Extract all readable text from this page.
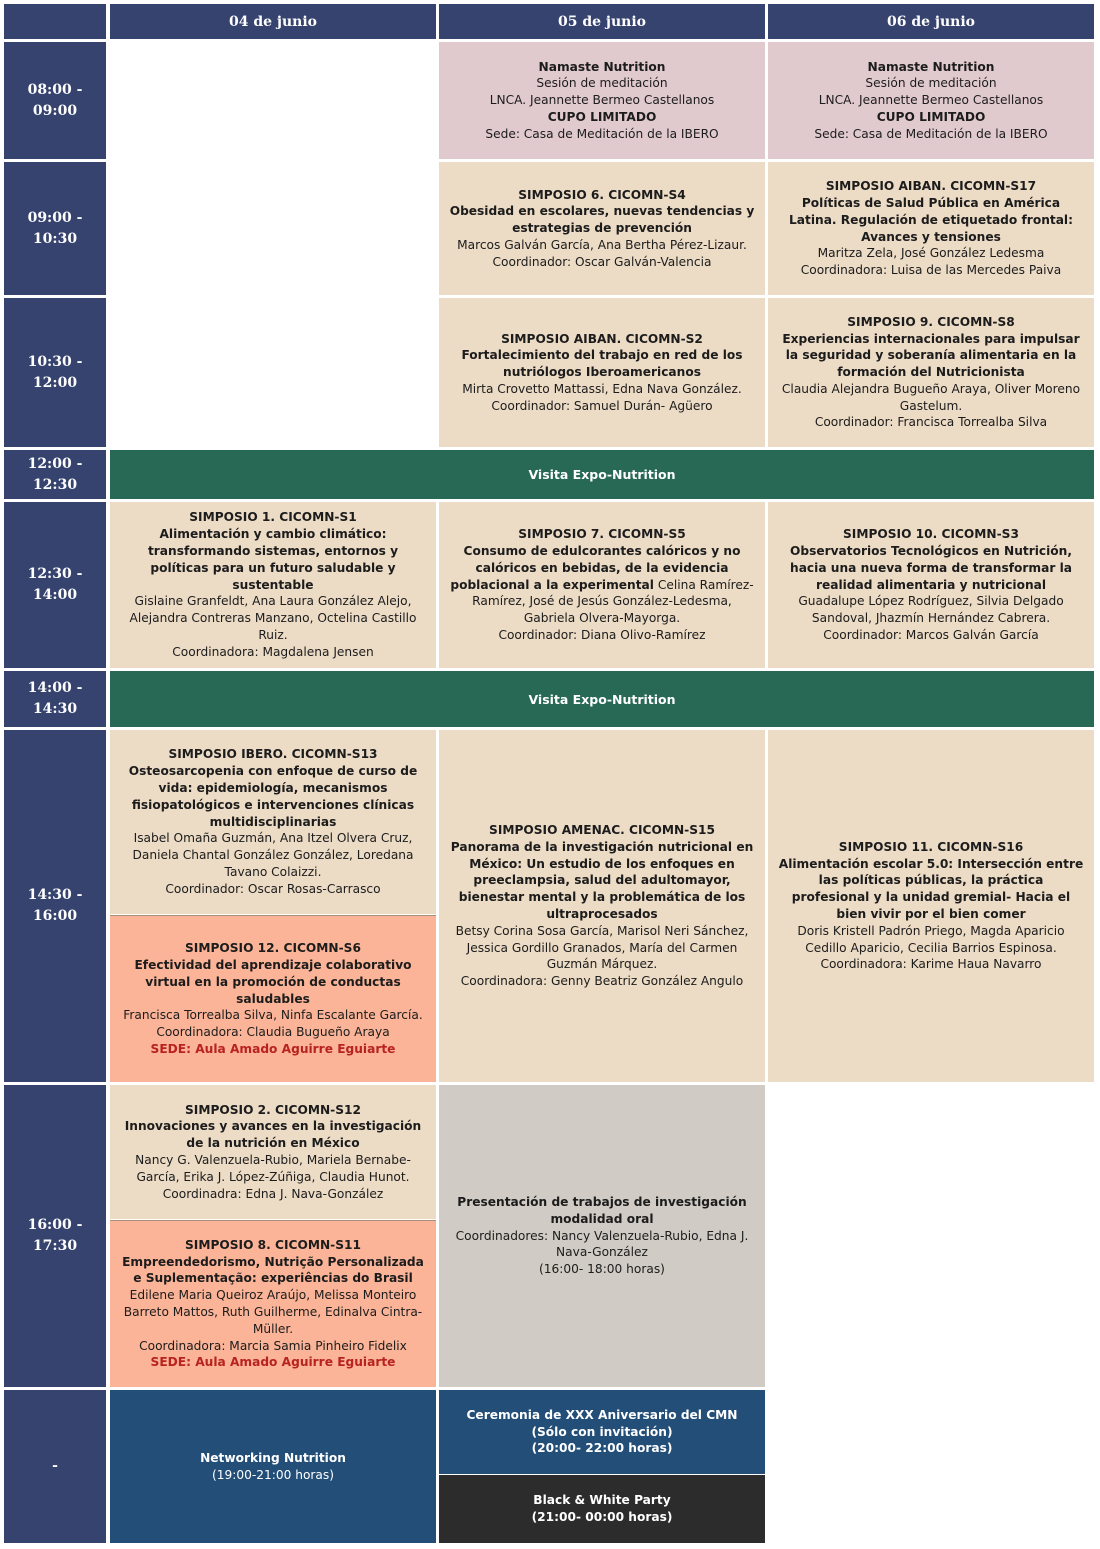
04 de junio	05 de junio	06 de junio
08:00 -
09:00
09:00 -
10:30
10:30 -
12:00
12:00 - 12:30
12:30 - 14:00
14:00 -
14:30
14:30 -
16:00
16:00 - 17:30
-
Namaste Nutrition
Sesión de meditación
LNCA. Jeannette Bermeo Castellanos
CUPO LIMITADO
Sede: Casa de Meditación de la IBERO
Namaste Nutrition
Sesión de meditación
LNCA. Jeannette Bermeo Castellanos
CUPO LIMITADO
Sede: Casa de Meditación de la IBERO
SIMPOSIO 6. CICOMN-S4
Obesidad en escolares, nuevas tendencias y estrategias de prevención
Marcos Galván García, Ana Bertha Pérez-Lizaur.
Coordinador: Oscar Galván-Valencia
SIMPOSIO AIBAN. CICOMN-S17
Políticas de Salud Pública en América Latina. Regulación de etiquetado frontal: Avances y tensiones
Maritza Zela, José González Ledesma
Coordinadora: Luisa de las Mercedes Paiva
SIMPOSIO AIBAN. CICOMN-S2
Fortalecimiento del trabajo en red de los nutriólogos Iberoamericanos
Mirta Crovetto Mattassi, Edna Nava González.
Coordinador: Samuel Durán- Agüero
SIMPOSIO 9. CICOMN-S8
Experiencias internacionales para impulsar la seguridad y soberanía alimentaria en la formación del Nutricionista
Claudia Alejandra Bugueño Araya, Oliver Moreno Gastelum.
Coordinador: Francisca Torrealba Silva
Visita Expo-Nutrition
SIMPOSIO 1. CICOMN-S1
Alimentación y cambio climático: transformando sistemas, entornos y políticas para un futuro saludable y sustentable
Gislaine Granfeldt, Ana Laura González Alejo, Alejandra Contreras Manzano, Octelina Castillo Ruiz.
Coordinadora: Magdalena Jensen
SIMPOSIO 7. CICOMN-S5
Consumo de edulcorantes calóricos y no calóricos en bebidas, de la evidencia poblacional a la experimental Celina Ramírez-Ramírez, José de Jesús González-Ledesma, Gabriela Olvera-Mayorga.
Coordinador: Diana Olivo-Ramírez
SIMPOSIO 10. CICOMN-S3
Observatorios Tecnológicos en Nutrición, hacia una nueva forma de transformar la realidad alimentaria y nutricional
Guadalupe López Rodríguez, Silvia Delgado Sandoval, Jhazmín Hernández Cabrera.
Coordinador: Marcos Galván García
Visita Expo-Nutrition
SIMPOSIO IBERO. CICOMN-S13
Osteosarcopenia con enfoque de curso de vida: epidemiología, mecanismos fisiopatológicos e intervenciones clínicas multidisciplinarias
Isabel Omaña Guzmán, Ana Itzel Olvera Cruz, Daniela Chantal González González, Loredana Tavano Colaizzi.
Coordinador: Oscar Rosas-Carrasco
SIMPOSIO 12. CICOMN-S6
Efectividad del aprendizaje colaborativo virtual en la promoción de conductas saludables
Francisca Torrealba Silva, Ninfa Escalante García.
Coordinadora: Claudia Bugueño Araya
SEDE: Aula Amado Aguirre Eguiarte
SIMPOSIO AMENAC. CICOMN-S15
Panorama de la investigación nutricional en México: Un estudio de los enfoques en preeclampsia, salud del adultomayor, bienestar mental y la problemática de los ultraprocesados
Betsy Corina Sosa García, Marisol Neri Sánchez, Jessica Gordillo Granados, María del Carmen Guzmán Márquez.
Coordinadora: Genny Beatriz González Angulo
SIMPOSIO 11. CICOMN-S16
Alimentación escolar 5.0: Intersección entre las políticas públicas, la práctica profesional y la unidad gremial- Hacia el bien vivir por el bien comer
Doris Kristell Padrón Priego, Magda Aparicio Cedillo Aparicio, Cecilia Barrios Espinosa.
Coordinadora: Karime Haua Navarro
SIMPOSIO 2. CICOMN-S12
Innovaciones y avances en la investigación de la nutrición en México
Nancy G. Valenzuela-Rubio, Mariela Bernabe-García, Erika J. López-Zúñiga, Claudia Hunot.
Coordinadra: Edna J. Nava-González
SIMPOSIO 8. CICOMN-S11
Empreendedorismo, Nutrição Personalizada e Suplementação: experiências do Brasil
Edilene Maria Queiroz Araújo, Melissa Monteiro Barreto Mattos, Ruth Guilherme, Edinalva Cintra-Müller.
Coordinadora: Marcia Samia Pinheiro Fidelix
SEDE: Aula Amado Aguirre Eguiarte
Presentación de trabajos de investigación modalidad oral
Coordinadores: Nancy Valenzuela-Rubio, Edna J. Nava-González
(16:00- 18:00 horas)
Networking Nutrition
(19:00-21:00 horas)
Ceremonia de XXX Aniversario del CMN (Sólo con invitación)
(20:00- 22:00 horas)
Black & White Party
(21:00- 00:00 horas)
